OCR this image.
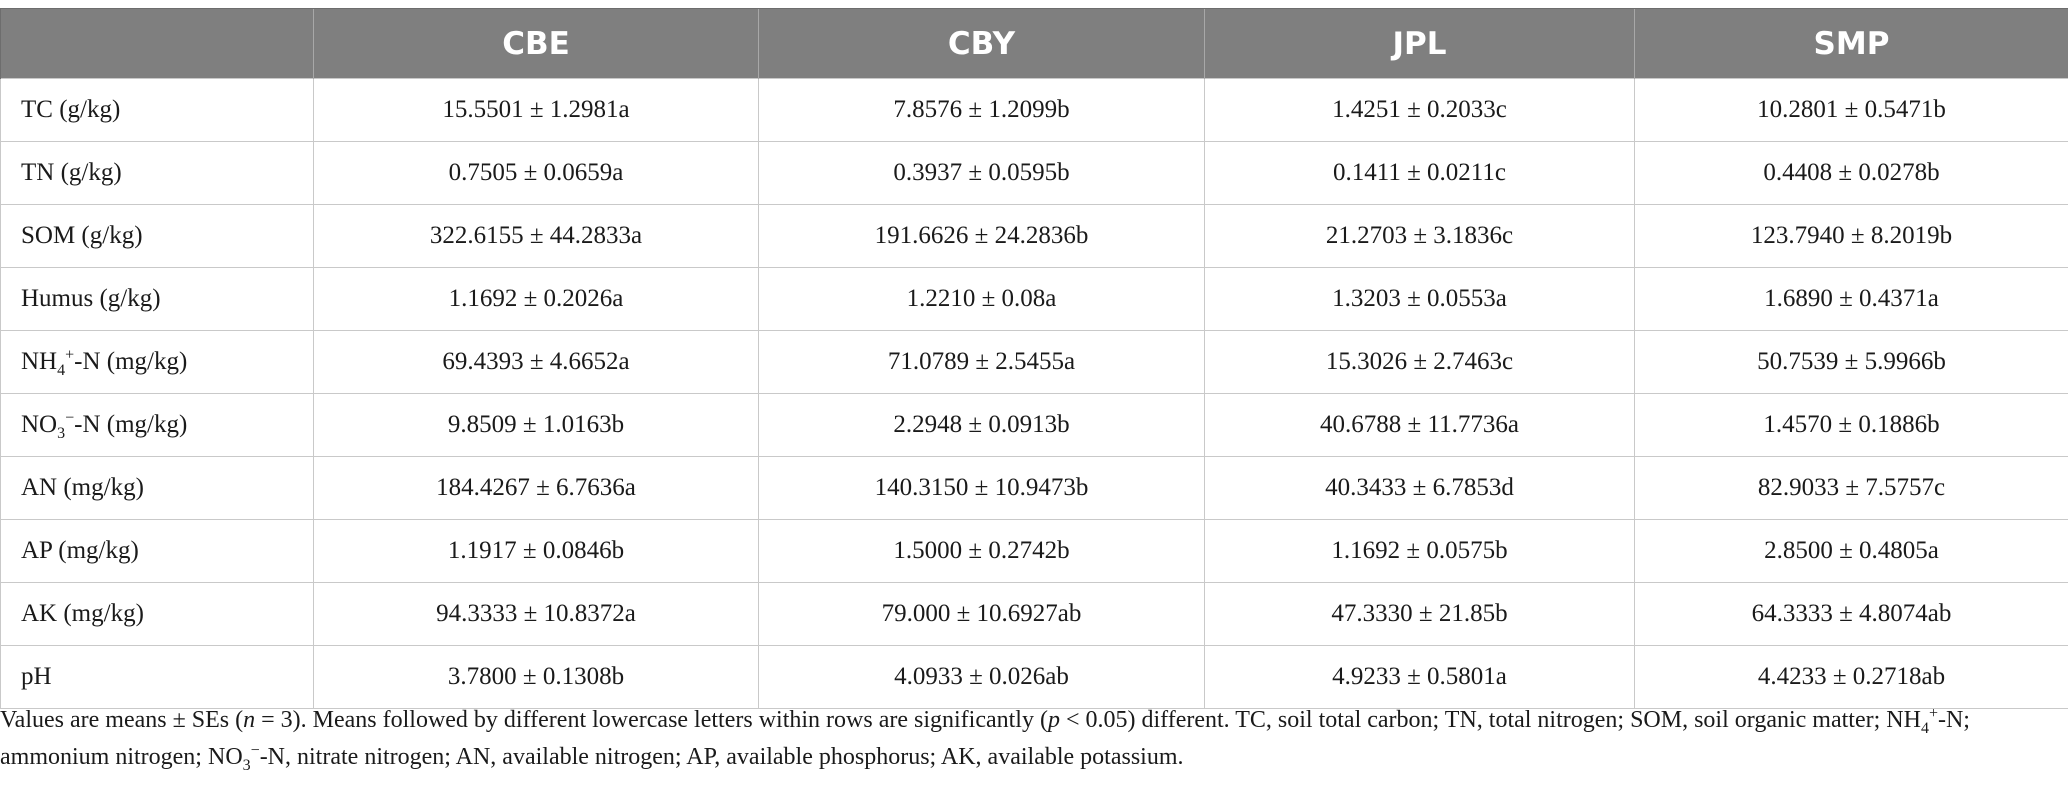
	CBE	CBY	JPL	SMP
TC (g/kg)	15.5501 ± 1.2981a	7.8576 ± 1.2099b	1.4251 ± 0.2033c	10.2801 ± 0.5471b
TN (g/kg)	0.7505 ± 0.0659a	0.3937 ± 0.0595b	0.1411 ± 0.0211c	0.4408 ± 0.0278b
SOM (g/kg)	322.6155 ± 44.2833a	191.6626 ± 24.2836b	21.2703 ± 3.1836c	123.7940 ± 8.2019b
Humus (g/kg)	1.1692 ± 0.2026a	1.2210 ± 0.08a	1.3203 ± 0.0553a	1.6890 ± 0.4371a
$NH_4^+-N$ (mg/kg)	69.4393 ± 4.6652a	71.0789 ± 2.5455a	15.3026 ± 2.7463c	50.7539 ± 5.9966b
$NO_3^--N$ (mg/kg)	9.8509 ± 1.0163b	2.2948 ± 0.0913b	40.6788 ± 11.7736a	1.4570 ± 0.1886b
AN (mg/kg)	184.4267 ± 6.7636a	140.3150 ± 10.9473b	40.3433 ± 6.7853d	82.9033 ± 7.5757c
AP (mg/kg)	1.1917 ± 0.0846b	1.5000 ± 0.2742b	1.1692 ± 0.0575b	2.8500 ± 0.4805a
AK (mg/kg)	94.3333 ± 10.8372a	79.000 ± 10.6927ab	47.3330 ± 21.85b	64.3333 ± 4.8074ab
pH	3.7800 ± 0.1308b	4.0933 ± 0.026ab	4.9233 ± 0.5801a	4.4233 ± 0.2718ab
Values are means ± SEs (n = 3). Means followed by different lowercase letters within rows are significantly (p < 0.05) different. TC, soil total carbon; TN, total nitrogen; SOM, soil organic matter; $NH_4^+-N$; ammonium nitrogen; $NO_3^--N$, nitrate nitrogen; AN, available nitrogen; AP, available phosphorus; AK, available potassium.
